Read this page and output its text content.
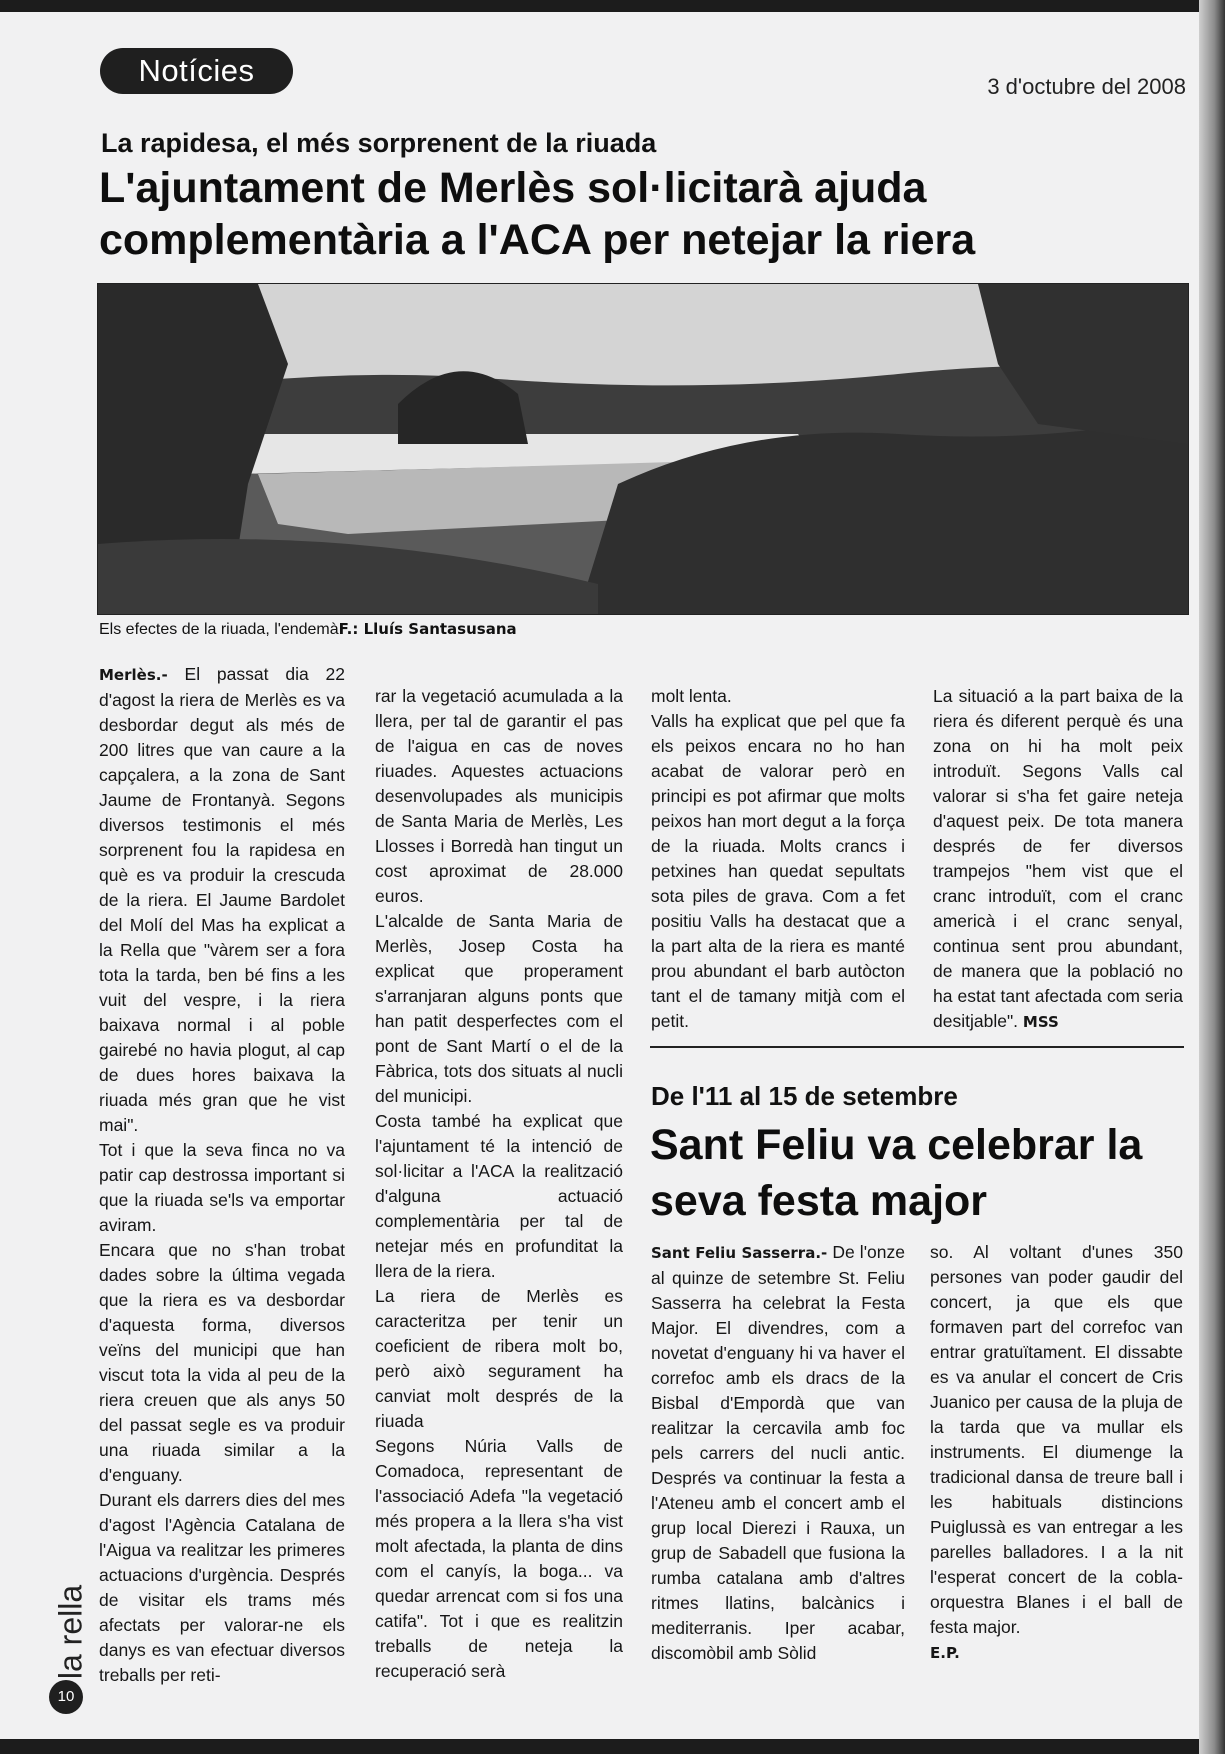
Notícies	3 d'octubre del 2008
La rapidesa, el més sorprenent de la riuada
L'ajuntament de Merlès sol·licitarà ajuda complementària a l'ACA per netejar la riera
Els efectes de la riuada, l'endemàF.: Lluís Santasusana

Merlès.- El passat dia 22 d'agost la riera de Merlès es va desbordar degut als més de 200 litres que van caure a la capçalera, a la zona de Sant Jaume de Frontanyà. Segons diversos testimonis el més sorprenent fou la rapidesa en què es va produir la crescuda de la riera. El Jaume Bardolet del Molí del Mas ha explicat a la Rella que "vàrem ser a fora tota la tarda, ben bé fins a les vuit del vespre, i la riera baixava normal i al poble gairebé no havia plogut, al cap de dues hores baixava la riuada més gran que he vist mai".

Tot i que la seva finca no va patir cap destrossa important si que la riuada se'ls va emportar aviram.

Encara que no s'han trobat dades sobre la última vegada que la riera es va desbordar d'aquesta forma, diversos veïns del municipi que han viscut tota la vida al peu de la riera creuen que als anys 50 del passat segle es va produir una riuada similar a la d'enguany.

Durant els darrers dies del mes d'agost l'Agència Catalana de l'Aigua va realitzar les primeres actuacions d'urgència. Després de visitar els trams més afectats per valorar-ne els danys es van efectuar diversos treballs per reti-

rar la vegetació acumulada a la llera, per tal de garantir el pas de l'aigua en cas de noves riuades. Aquestes actuacions desenvolupades als municipis de Santa Maria de Merlès, Les Llosses i Borredà han tingut un cost aproximat de 28.000 euros.

L'alcalde de Santa Maria de Merlès, Josep Costa ha explicat que properament s'arranjaran alguns ponts que han patit desperfectes com el pont de Sant Martí o el de la Fàbrica, tots dos situats al nucli del municipi.

Costa també ha explicat que l'ajuntament té la intenció de sol·licitar a l'ACA la realització d'alguna actuació complementària per tal de netejar més en profunditat la llera de la riera.

La riera de Merlès es caracteritza per tenir un coeficient de ribera molt bo, però això segurament ha canviat molt després de la riuada

Segons Núria Valls de Comadoca, representant de l'associació Adefa "la vegetació més propera a la llera s'ha vist molt afectada, la planta de dins com el canyís, la boga... va quedar arrencat com si fos una catifa". Tot i que es realitzin treballs de neteja la recuperació serà

molt lenta.

Valls ha explicat que pel que fa els peixos encara no ho han acabat de valorar però en principi es pot afirmar que molts peixos han mort degut a la força de la riuada. Molts crancs i petxines han quedat sepultats sota piles de grava. Com a fet positiu Valls ha destacat que a la part alta de la riera es manté prou abundant el barb autòcton tant el de tamany mitjà com el petit.

La situació a la part baixa de la riera és diferent perquè és una zona on hi ha molt peix introduït. Segons Valls cal valorar si s'ha fet gaire neteja d'aquest peix. De tota manera després de fer diversos trampejos "hem vist que el cranc introduït, com el cranc americà i el cranc senyal, continua sent prou abundant, de manera que la població no ha estat tant afectada com seria desitjable". MSS

De l'11 al 15 de setembre
Sant Feliu va celebrar la seva festa major

Sant Feliu Sasserra.- De l'onze al quinze de setembre St. Feliu Sasserra ha celebrat la Festa Major. El divendres, com a novetat d'enguany hi va haver el correfoc amb els dracs de la Bisbal d'Empordà que van realitzar la cercavila amb foc pels carrers del nucli antic. Després va continuar la festa a l'Ateneu amb el concert amb el grup local Dierezi i Rauxa, un grup de Sabadell que fusiona la rumba catalana amb d'altres ritmes llatins, balcànics i mediterranis. Iper acabar, discomòbil amb Sòlid

so. Al voltant d'unes 350 persones van poder gaudir del concert, ja que els que formaven part del correfoc van entrar gratuïtament. El dissabte es va anular el concert de Cris Juanico per causa de la pluja de la tarda que va mullar els instruments. El diumenge la tradicional dansa de treure ball i les habituals distincions Puiglussà es van entregar a les parelles balladores. I a la nit l'esperat concert de la cobla-orquestra Blanes i el ball de festa major.
E.P.

la rella
10
